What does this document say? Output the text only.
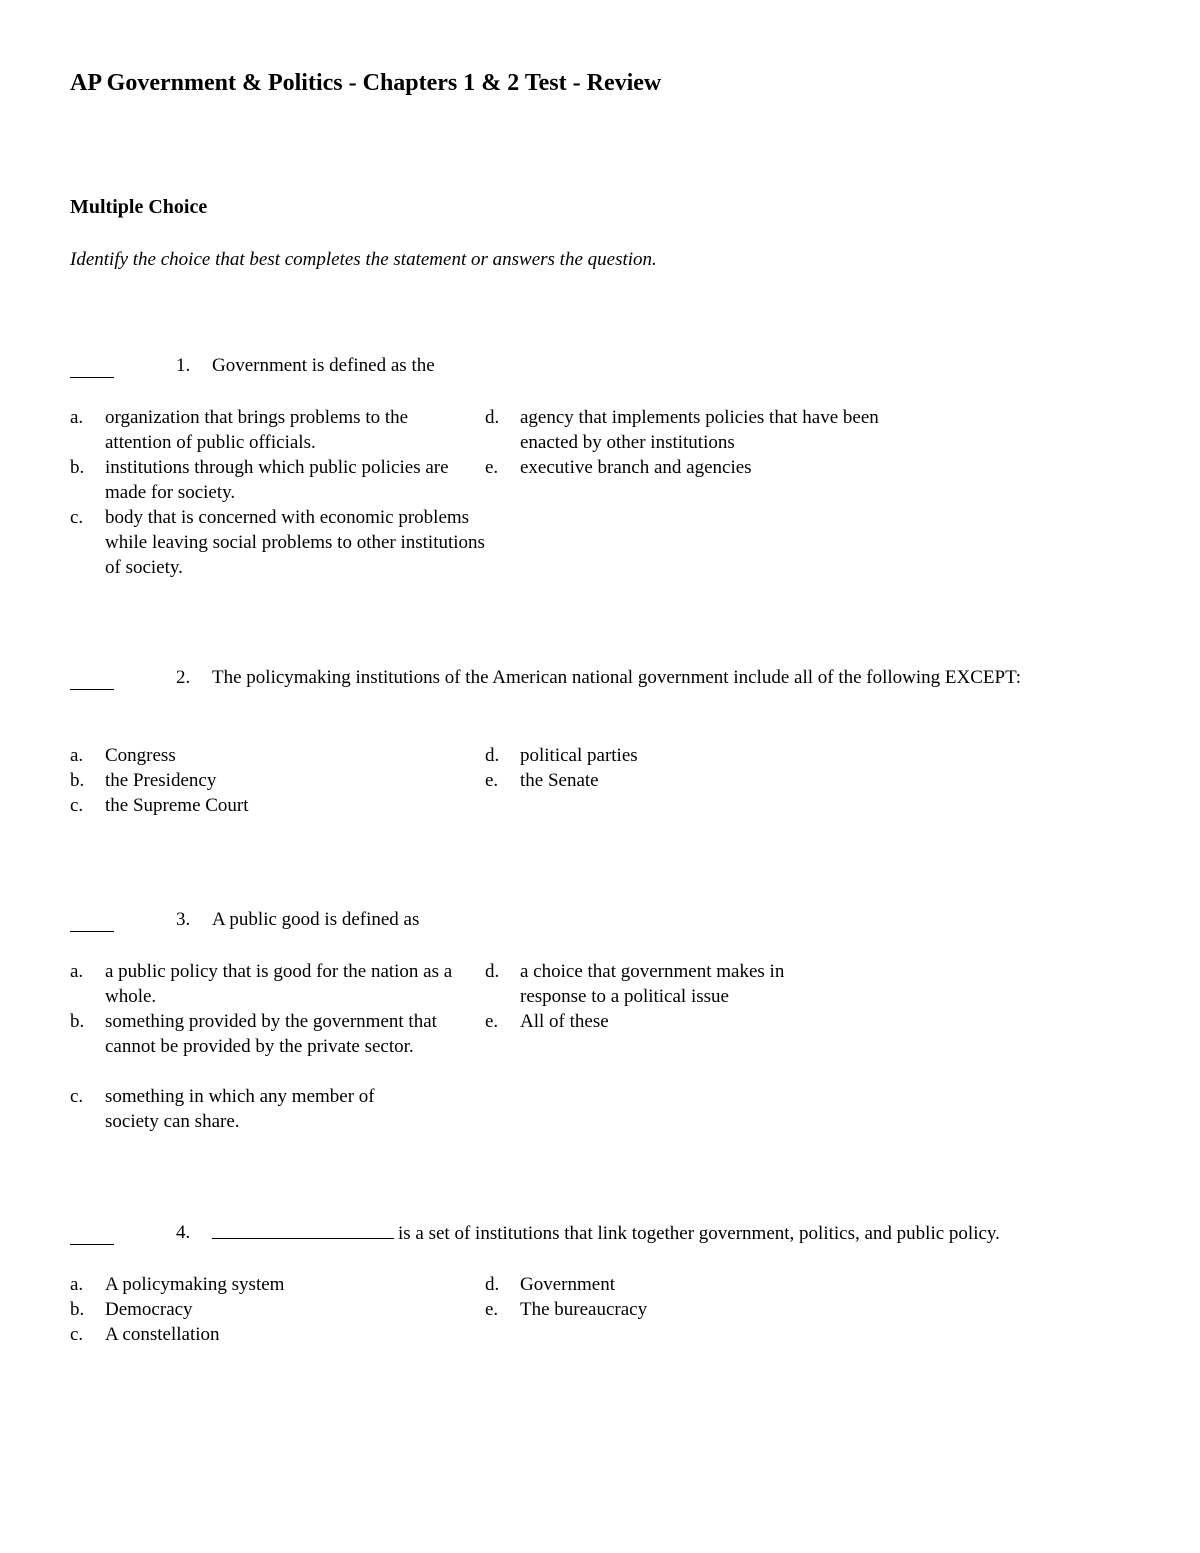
AP Government & Politics - Chapters 1 & 2 Test - Review
Multiple Choice
Identify the choice that best completes the statement or answers the question.
1.	Government is defined as the
a.	organization that brings problems to the attention of public officials.
b.	institutions through which public policies are made for society.
c.	body that is concerned with economic problems while leaving social problems to other institutions of society.
d.	agency that implements policies that have been enacted by other institutions
e.	executive branch and agencies
2.	The policymaking institutions of the American national government include all of the following EXCEPT:
a.	Congress
b.	the Presidency
c.	the Supreme Court
d.	political parties
e.	the Senate
3.	A public good is defined as
a.	a public policy that is good for the nation as a whole.
b.	something provided by the government that cannot be provided by the private sector.
c.	something in which any member of society can share.
d.	a choice that government makes in response to a political issue
e.	All of these
4.	is a set of institutions that link together government, politics, and public policy.
a.	A policymaking system
b.	Democracy
c.	A constellation
d.	Government
e.	The bureaucracy
